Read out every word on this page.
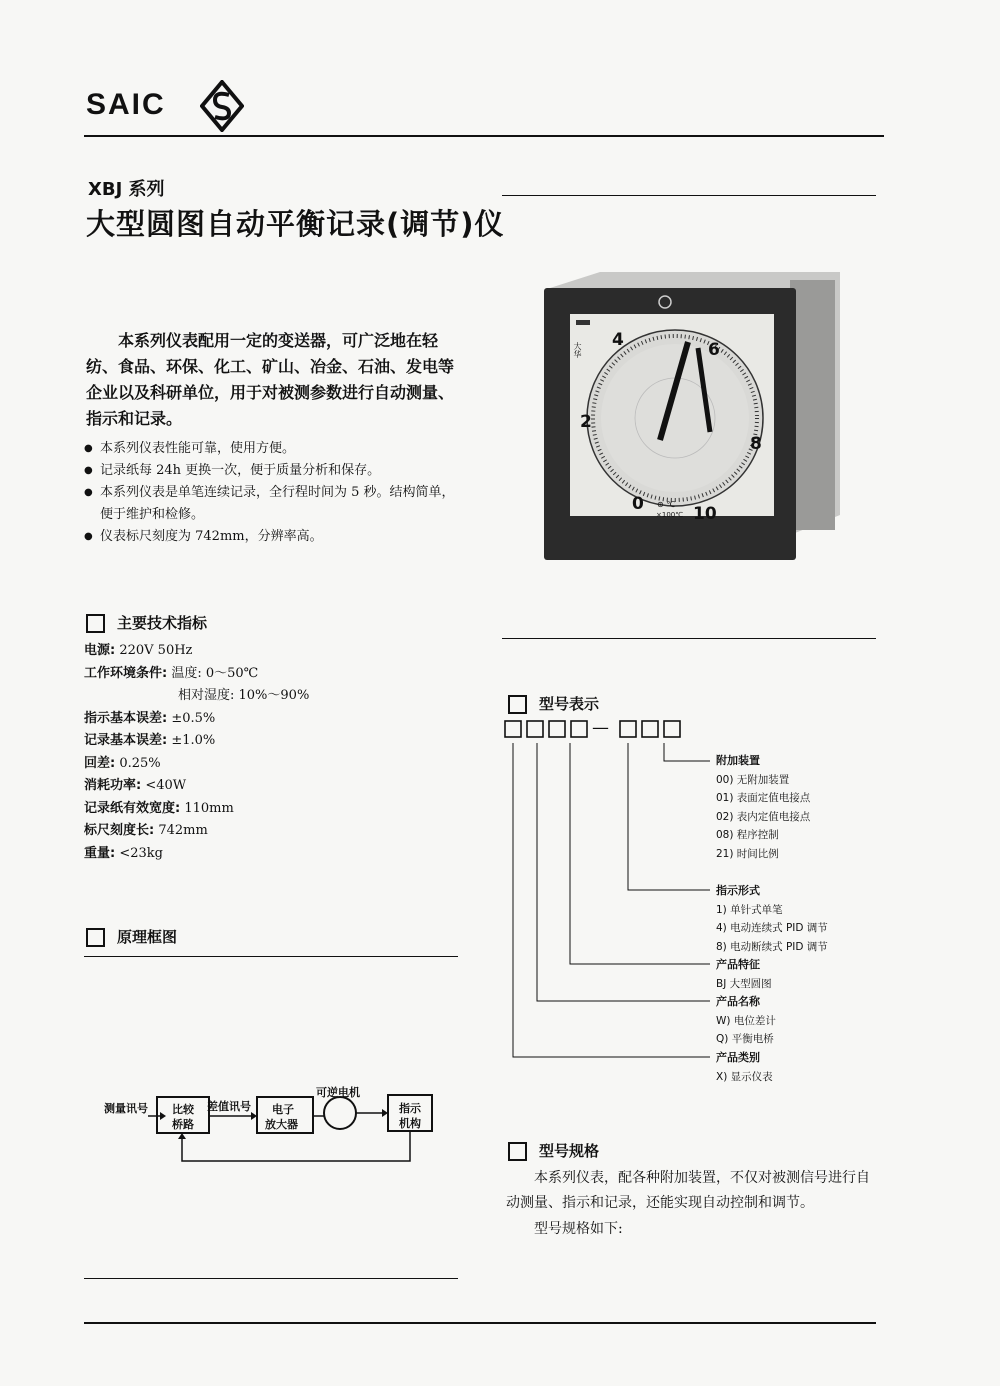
SAIC
XBJ 系列
大型圆图自动平衡记录(调节)仪
4	6
2
8
0	10
大华
⊛ ℃
×100℃
本系列仪表配用一定的变送器，可广泛地在轻纺、食品、环保、化工、矿山、冶金、石油、发电等企业以及科研单位，用于对被测参数进行自动测量、指示和记录。
● 本系列仪表性能可靠，使用方便。
● 记录纸每 24h 更换一次，便于质量分析和保存。
● 本系列仪表是单笔连续记录，全行程时间为 5 秒。结构简单，便于维护和检修。
● 仪表标尺刻度为 742mm，分辨率高。
主要技术指标
电源: 220V 50Hz
工作环境条件: 温度: 0～50℃
相对湿度: 10%～90%
指示基本误差: ±0.5%
记录基本误差: ±1.0%
回差: 0.25%
消耗功率: <40W
记录纸有效宽度: 110mm
标尺刻度长: 742mm
重量: <23kg
原理框图
测量讯号 比较
桥路
差值讯号 电子
放大器
可逆电机
指示
机构
型号表示
—
附加装置
00) 无附加装置
01) 表面定值电接点
02) 表内定值电接点
08) 程序控制
21) 时间比例
指示形式
1) 单针式单笔
4) 电动连续式 PID 调节
8) 电动断续式 PID 调节
产品特征
BJ 大型圆图
产品名称
W) 电位差计
Q) 平衡电桥
产品类别
X) 显示仪表
型号规格
本系列仪表，配各种附加装置，不仅对被测信号进行自动测量、指示和记录，还能实现自动控制和调节。
型号规格如下:
